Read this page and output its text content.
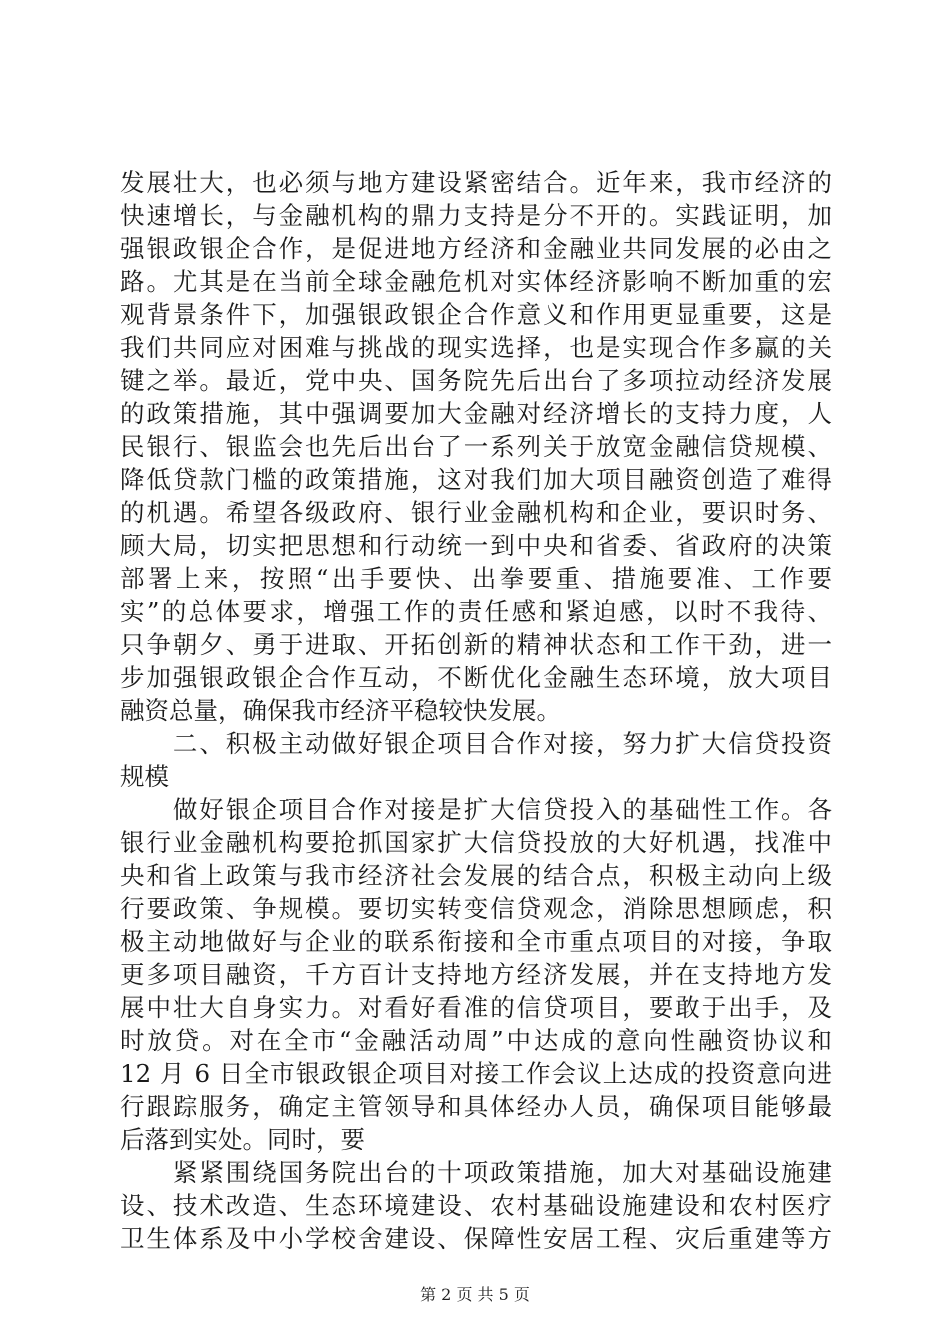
发展壮大，也必须与地方建设紧密结合。近年来，我市经济的
快速增长，与金融机构的鼎力支持是分不开的。实践证明，加
强银政银企合作，是促进地方经济和金融业共同发展的必由之
路。尤其是在当前全球金融危机对实体经济影响不断加重的宏
观背景条件下，加强银政银企合作意义和作用更显重要，这是
我们共同应对困难与挑战的现实选择，也是实现合作多赢的关
键之举。最近，党中央、国务院先后出台了多项拉动经济发展
的政策措施，其中强调要加大金融对经济增长的支持力度，人
民银行、银监会也先后出台了一系列关于放宽金融信贷规模、
降低贷款门槛的政策措施，这对我们加大项目融资创造了难得
的机遇。希望各级政府、银行业金融机构和企业，要识时务、
顾大局，切实把思想和行动统一到中央和省委、省政府的决策
部署上来，按照“出手要快、出拳要重、措施要准、工作要
实”的总体要求，增强工作的责任感和紧迫感，以时不我待、
只争朝夕、勇于进取、开拓创新的精神状态和工作干劲，进一
步加强银政银企合作互动，不断优化金融生态环境，放大项目
融资总量，确保我市经济平稳较快发展。
　　二、积极主动做好银企项目合作对接，努力扩大信贷投资
规模
　　做好银企项目合作对接是扩大信贷投入的基础性工作。各
银行业金融机构要抢抓国家扩大信贷投放的大好机遇，找准中
央和省上政策与我市经济社会发展的结合点，积极主动向上级
行要政策、争规模。要切实转变信贷观念，消除思想顾虑，积
极主动地做好与企业的联系衔接和全市重点项目的对接，争取
更多项目融资，千方百计支持地方经济发展，并在支持地方发
展中壮大自身实力。对看好看准的信贷项目，要敢于出手，及
时放贷。对在全市“金融活动周”中达成的意向性融资协议和
12 月 6 日全市银政银企项目对接工作会议上达成的投资意向进
行跟踪服务，确定主管领导和具体经办人员，确保项目能够最
后落到实处。同时，要
　　紧紧围绕国务院出台的十项政策措施，加大对基础设施建
设、技术改造、生态环境建设、农村基础设施建设和农村医疗
卫生体系及中小学校舍建设、保障性安居工程、灾后重建等方
第 2 页 共 5 页
